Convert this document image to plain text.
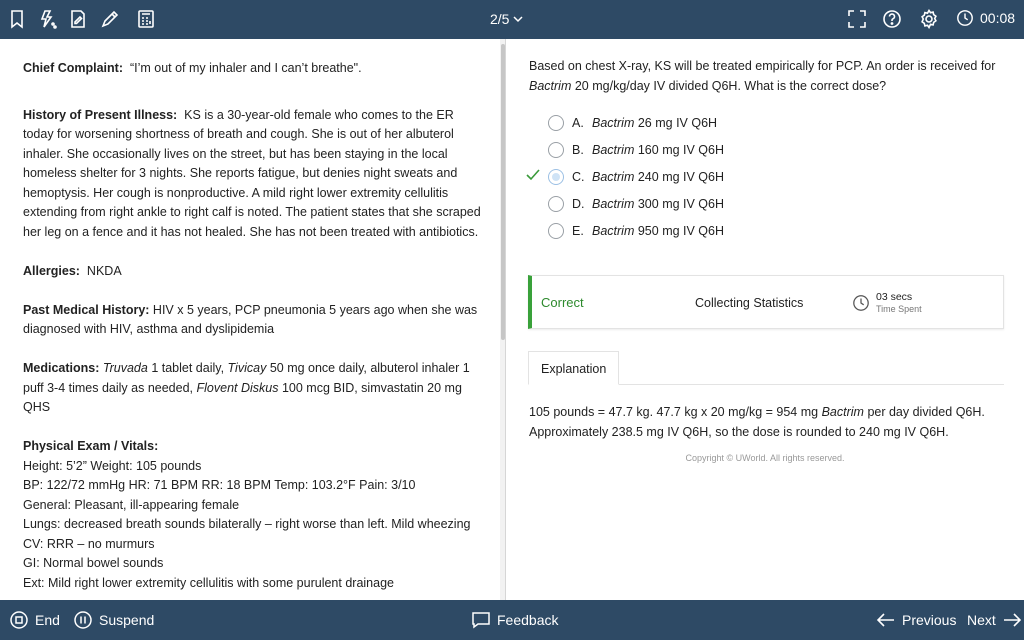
2/5	00:08

Chief Complaint: “I’m out of my inhaler and I can’t breathe".

History of Present Illness: KS is a 30-year-old female who comes to the ER today for worsening shortness of breath and cough. She is out of her albuterol inhaler. She occasionally lives on the street, but has been staying in the local homeless shelter for 3 nights. She reports fatigue, but denies night sweats and hemoptysis. Her cough is nonproductive. A mild right lower extremity cellulitis extending from right ankle to right calf is noted. The patient states that she scraped her leg on a fence and it has not healed. She has not been treated with antibiotics.

Allergies: NKDA

Past Medical History: HIV x 5 years, PCP pneumonia 5 years ago when she was diagnosed with HIV, asthma and dyslipidemia

Medications: Truvada 1 tablet daily, Tivicay 50 mg once daily, albuterol inhaler 1 puff 3-4 times daily as needed, Flovent Diskus 100 mcg BID, simvastatin 20 mg QHS

Physical Exam / Vitals:
Height: 5’2” Weight: 105 pounds
BP: 122/72 mmHg HR: 71 BPM RR: 18 BPM Temp: 103.2°F Pain: 3/10
General: Pleasant, ill-appearing female
Lungs: decreased breath sounds bilaterally – right worse than left. Mild wheezing
CV: RRR – no murmurs
GI: Normal bowel sounds
Ext: Mild right lower extremity cellulitis with some purulent drainage
Based on chest X-ray, KS will be treated empirically for PCP. An order is received for
Bactrim 20 mg/kg/day IV divided Q6H. What is the correct dose?
A. Bactrim 26 mg IV Q6H
B. Bactrim 160 mg IV Q6H
C. Bactrim 240 mg IV Q6H
D. Bactrim 300 mg IV Q6H
E. Bactrim 950 mg IV Q6H
Correct	Collecting Statistics	03 secs
Time Spent
Explanation
105 pounds = 47.7 kg. 47.7 kg x 20 mg/kg = 954 mg Bactrim per day divided Q6H. Approximately 238.5 mg IV Q6H, so the dose is rounded to 240 mg IV Q6H.
Copyright © UWorld. All rights reserved.
End	Suspend	Feedback	Previous Next
